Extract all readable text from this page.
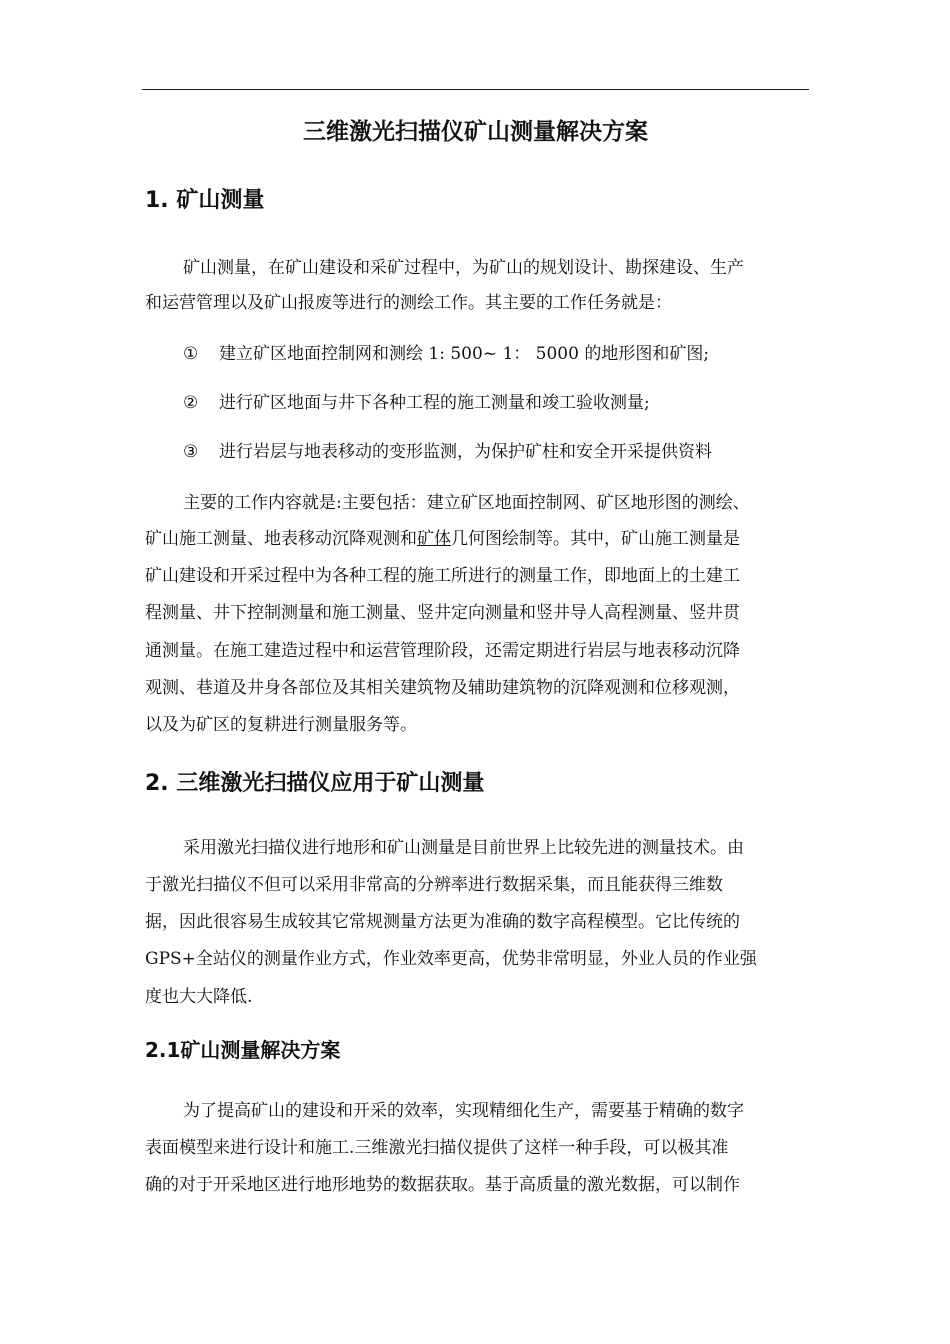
三维激光扫描仪矿山测量解决方案
1. 矿山测量
矿山测量，在矿山建设和采矿过程中，为矿山的规划设计、勘探建设、生产
和运营管理以及矿山报废等进行的测绘工作。其主要的工作任务就是：
① 建立矿区地面控制网和测绘 1: 500~ 1： 5000 的地形图和矿图;
② 进行矿区地面与井下各种工程的施工测量和竣工验收测量;
③ 进行岩层与地表移动的变形监测，为保护矿柱和安全开采提供资料
主要的工作内容就是:主要包括：建立矿区地面控制网、矿区地形图的测绘、
矿山施工测量、地表移动沉降观测和矿体几何图绘制等。其中，矿山施工测量是
矿山建设和开采过程中为各种工程的施工所进行的测量工作，即地面上的土建工
程测量、井下控制测量和施工测量、竖井定向测量和竖井导人高程测量、竖井贯
通测量。在施工建造过程中和运营管理阶段，还需定期进行岩层与地表移动沉降
观测、巷道及井身各部位及其相关建筑物及辅助建筑物的沉降观测和位移观测，
以及为矿区的复耕进行测量服务等。
2. 三维激光扫描仪应用于矿山测量
采用激光扫描仪进行地形和矿山测量是目前世界上比较先进的测量技术。由
于激光扫描仪不但可以采用非常高的分辨率进行数据采集，而且能获得三维数
据，因此很容易生成较其它常规测量方法更为准确的数字高程模型。它比传统的
GPS+全站仪的测量作业方式，作业效率更高，优势非常明显，外业人员的作业强
度也大大降低.
2.1矿山测量解决方案
为了提高矿山的建设和开采的效率，实现精细化生产，需要基于精确的数字
表面模型来进行设计和施工.三维激光扫描仪提供了这样一种手段，可以极其准
确的对于开采地区进行地形地势的数据获取。基于高质量的激光数据，可以制作
